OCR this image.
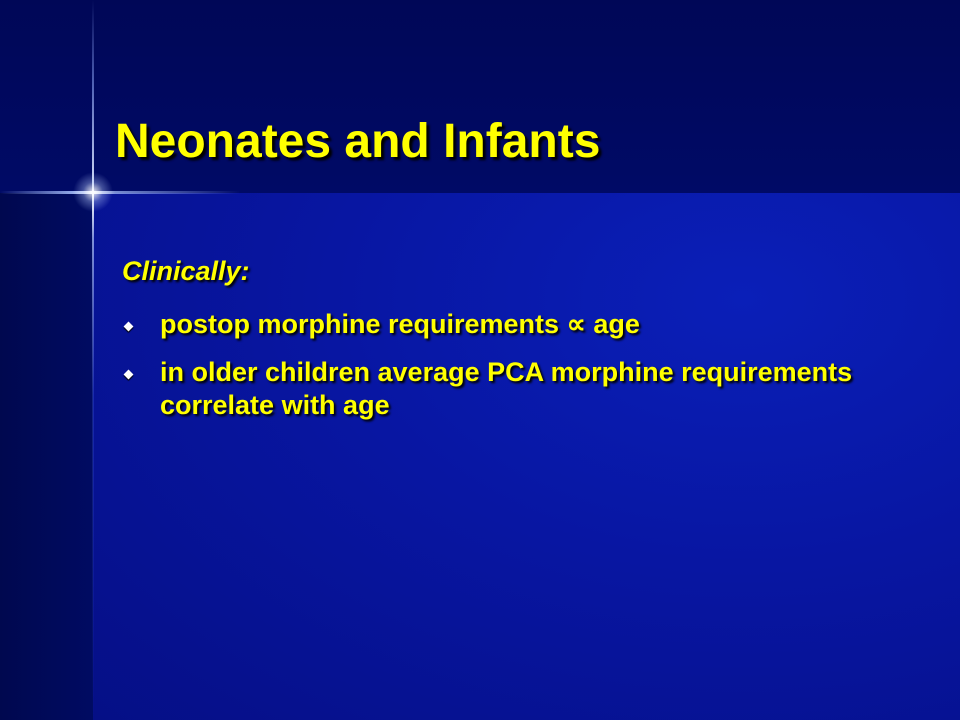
Neonates and Infants
Clinically:
postop morphine requirements ∝ age
in older children average PCA morphine requirements correlate with age
